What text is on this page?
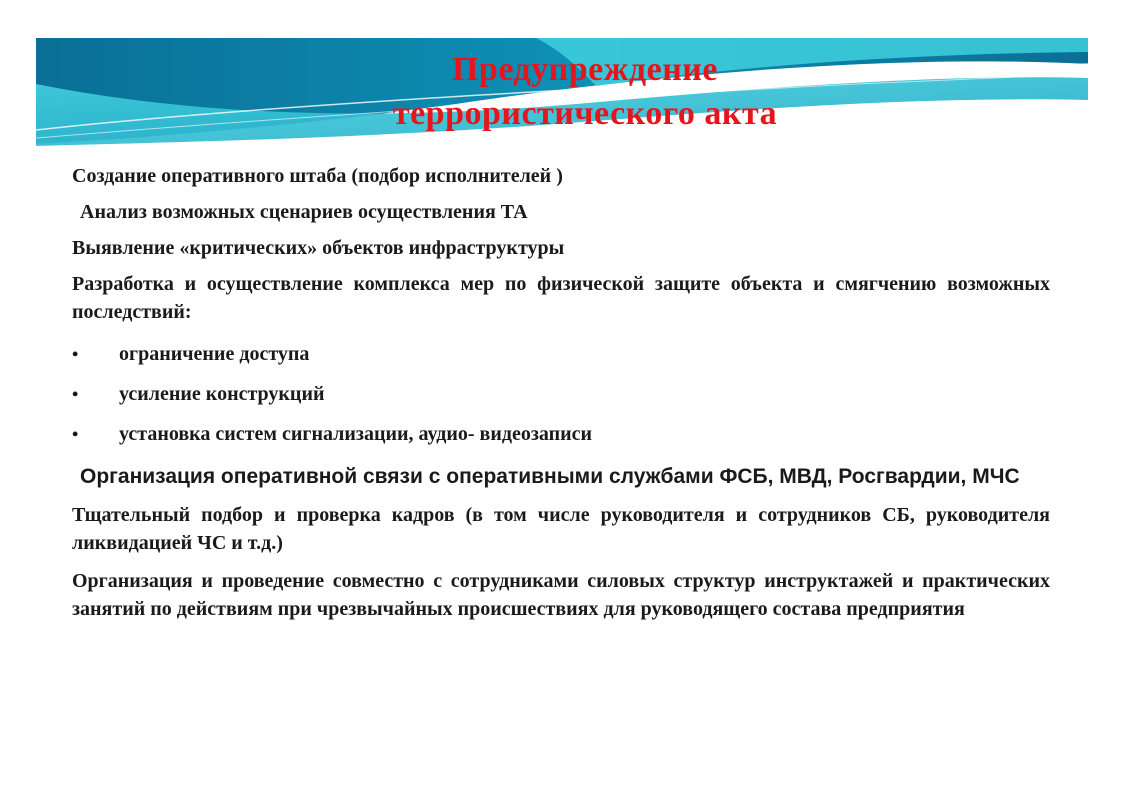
Предупреждение
террористического акта

Создание оперативного штаба (подбор исполнителей )

Анализ возможных сценариев осуществления ТА

Выявление «критических» объектов инфраструктуры

Разработка и осуществление комплекса мер по физической защите объекта и смягчению возможных последствий:

•	ограничение доступа
•	усиление конструкций
•	установка систем сигнализации, аудио- видеозаписи

Организация оперативной связи с оперативными службами ФСБ, МВД, Росгвардии, МЧС

Тщательный подбор и проверка кадров (в том числе руководителя и сотрудников СБ, руководителя ликвидацией ЧС и т.д.)

Организация и проведение совместно с сотрудниками силовых структур инструктажей и практических занятий по действиям при чрезвычайных происшествиях для руководящего состава предприятия
